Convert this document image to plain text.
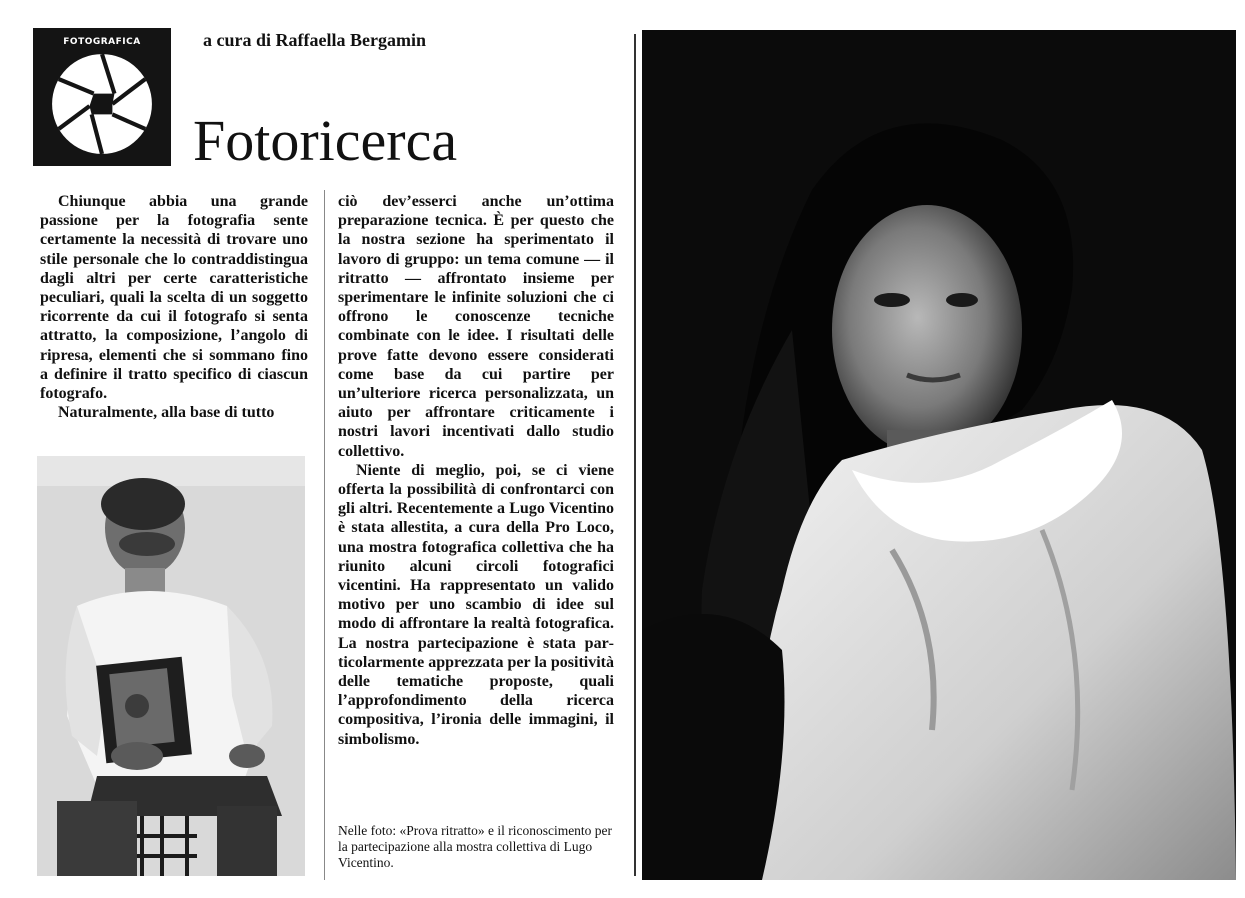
FOTOGRAFICA	a cura di Raffaella Bergamin
Fotoricerca

Chiunque abbia una grande passione per la fotografia sente certamente la necessità di trovare uno stile personale che lo contraddistingua dagli altri per certe caratteristiche peculiari, quali la scelta di un soggetto ricorrente da cui il fotografo si senta attratto, la composizione, l’angolo di ripresa, elementi che si sommano fino a definire il tratto specifico di ciascun fotografo.

Naturalmente, alla base di tutto

ciò dev’esserci anche un’ottima preparazione tecnica. È per questo che la nostra sezione ha sperimentato il lavoro di gruppo: un tema comune — il ritratto — affrontato insieme per sperimentare le infinite soluzioni che ci offrono le conoscenze tecniche combinate con le idee. I risultati delle prove fatte devono essere considerati come base da cui partire per un’ulteriore ricerca personalizzata, un aiuto per affrontare criticamente i nostri lavori incentivati dallo studio collettivo.

Niente di meglio, poi, se ci viene offerta la possibilità di confrontarci con gli altri. Recentemente a Lugo Vicentino è stata allestita, a cura della Pro Loco, una mostra fotografica collettiva che ha riunito alcuni circoli fotografici vicentini. Ha rappresentato un valido motivo per uno scambio di idee sul modo di affrontare la realtà fotografica. La nostra partecipazione è stata particolarmente apprezzata per la positività delle tematiche proposte, quali l’approfondimento della ricerca compositiva, l’ironia delle immagini, il simbolismo.

Nelle foto: «Prova ritratto» e il riconoscimento per la partecipazione alla mostra collettiva di Lugo Vicentino.
